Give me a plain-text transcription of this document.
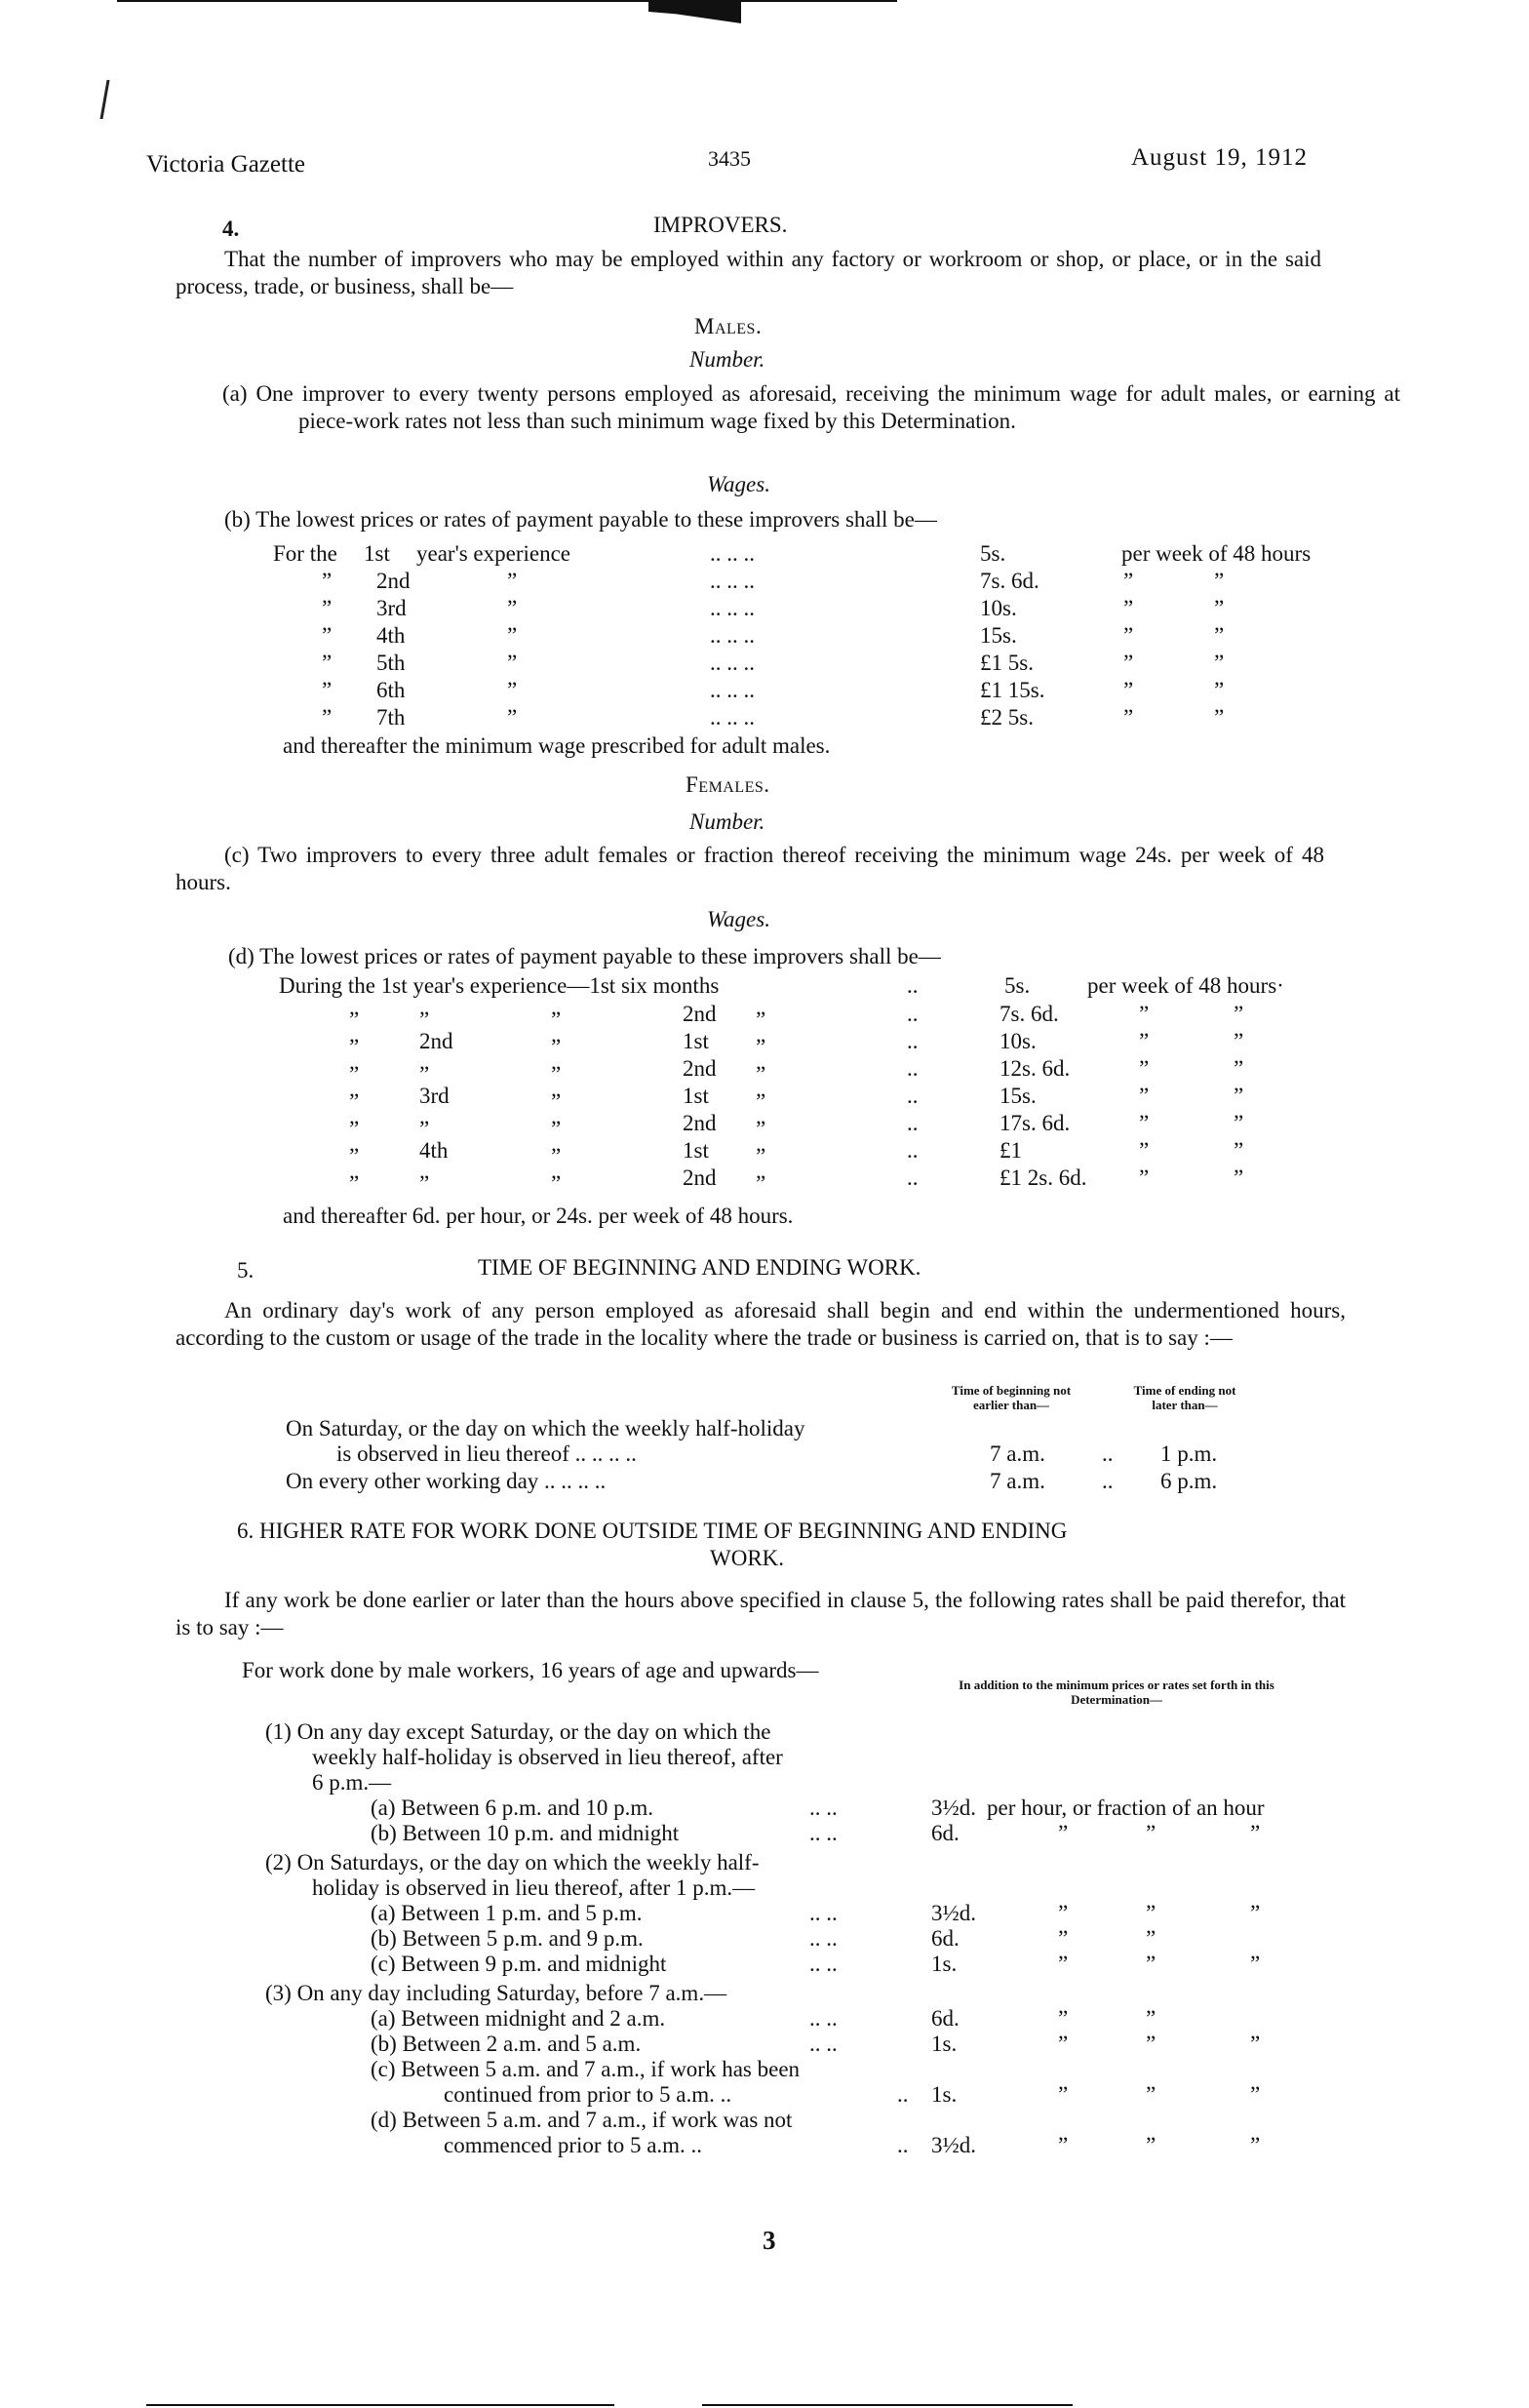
Victoria Gazette	3435	August 19, 1912
4.	IMPROVERS.
That the number of improvers who may be employed within any factory or workroom or shop, or place, or in the said process, trade, or business, shall be—
Males.
Number.
(a) One improver to every twenty persons employed as aforesaid, receiving the minimum wage for adult males, or earning at piece-work rates not less than such minimum wage fixed by this Determination.
Wages.
(b) The lowest prices or rates of payment payable to these improvers shall be—
For the 1st year's experience	.. .. ..	5s.	per week of 48 hours
” 2nd	”	.. .. ..	7s. 6d.	”	”
” 3rd	”	.. .. ..	10s.	”	”
” 4th	”	.. .. ..	15s.	”	”
” 5th	”	.. .. ..	£1 5s.	”	”
” 6th	”	.. .. ..	£1 15s.	”	”
” 7th	”	.. .. ..	£2 5s.	”	”
and thereafter the minimum wage prescribed for adult males.
Females.
Number.
(c) Two improvers to every three adult females or fraction thereof receiving the minimum wage 24s. per week of 48 hours.
Wages.
(d) The lowest prices or rates of payment payable to these improvers shall be—
During the 1st year's experience—1st six months	..	5s.	per week of 48 hours·
”	”	”	2nd ”	..	7s. 6d.	”	”
”	2nd	”	1st ”	..	10s.	”	”
”	”	”	2nd ”	..	12s. 6d.	”	”
”	3rd	”	1st ”	..	15s.	”	”
”	”	”	2nd ”	..	17s. 6d.	”	”
”	4th	”	1st ”	..	£1	”	”
”	”	”	2nd ”	..	£1 2s. 6d. ”	”
and thereafter 6d. per hour, or 24s. per week of 48 hours.
5.	TIME OF BEGINNING AND ENDING WORK.
An ordinary day's work of any person employed as aforesaid shall begin and end within the undermentioned hours, according to the custom or usage of the trade in the locality where the trade or business is carried on, that is to say :—
Time of beginning not earlier than—
Time of ending not later than—
On Saturday, or the day on which the weekly half-holiday
is observed in lieu thereof .. .. .. ..	7 a.m.	.. 1 p.m.
On every other working day .. .. .. ..	7 a.m.	.. 6 p.m.
6. HIGHER RATE FOR WORK DONE OUTSIDE TIME OF BEGINNING AND ENDING
WORK.
If any work be done earlier or later than the hours above specified in clause 5, the following rates shall be paid therefor, that is to say :—
For work done by male workers, 16 years of age and upwards—
In addition to the minimum prices or rates set forth in this Determination—
(1) On any day except Saturday, or the day on which the
weekly half-holiday is observed in lieu thereof, after
6 p.m.—
(a) Between 6 p.m. and 10 p.m.	.. ..	3½d. per hour, or fraction of an hour
(b) Between 10 p.m. and midnight	.. ..	6d.	”	”	”
(2) On Saturdays, or the day on which the weekly half-
holiday is observed in lieu thereof, after 1 p.m.—
(a) Between 1 p.m. and 5 p.m.	.. ..	3½d.	”	”	”
(b) Between 5 p.m. and 9 p.m.	.. ..	6d.	”	”
(c) Between 9 p.m. and midnight	.. ..	1s.	”	”	”
(3) On any day including Saturday, before 7 a.m.—
(a) Between midnight and 2 a.m.	.. ..	6d.	”	”
(b) Between 2 a.m. and 5 a.m.	.. ..	1s.	”	”	”
(c) Between 5 a.m. and 7 a.m., if work has been
continued from prior to 5 a.m. ..	.. 1s.	”	”	”
(d) Between 5 a.m. and 7 a.m., if work was not
commenced prior to 5 a.m. ..	.. 3½d.	”	”	”
3
